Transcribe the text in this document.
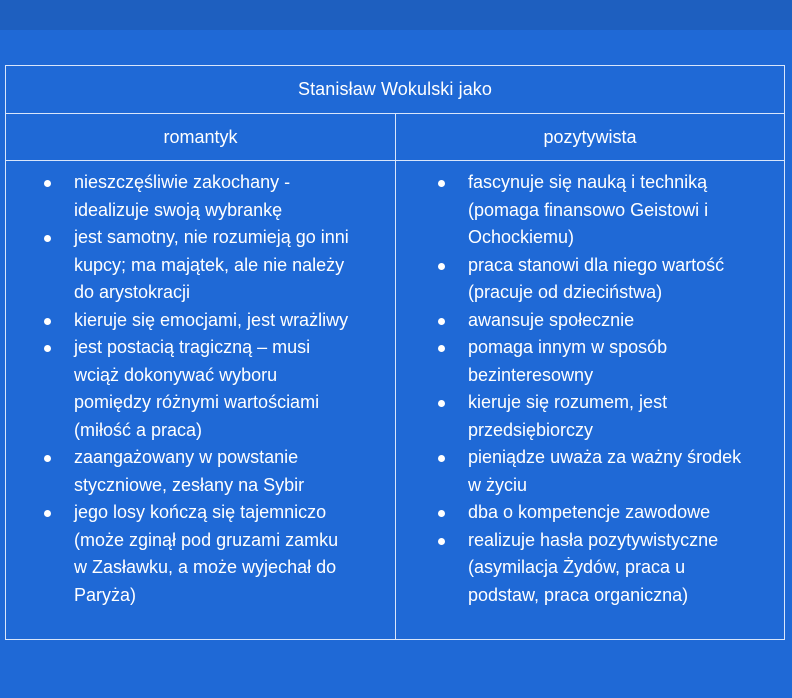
Stanisław Wokulski jako
romantyk	pozytywista
nieszczęśliwie zakochany -
idealizuje swoją wybrankę
jest samotny, nie rozumieją go inni
kupcy; ma majątek, ale nie należy
do arystokracji
kieruje się emocjami, jest wrażliwy
jest postacią tragiczną – musi
wciąż dokonywać wyboru
pomiędzy różnymi wartościami
(miłość a praca)
zaangażowany w powstanie
styczniowe, zesłany na Sybir
jego losy kończą się tajemniczo
(może zginął pod gruzami zamku
w Zasławku, a może wyjechał do
Paryża)
fascynuje się nauką i techniką
(pomaga finansowo Geistowi i
Ochockiemu)
praca stanowi dla niego wartość
(pracuje od dzieciństwa)
awansuje społecznie
pomaga innym w sposób
bezinteresowny
kieruje się rozumem, jest
przedsiębiorczy
pieniądze uważa za ważny środek
w życiu
dba o kompetencje zawodowe
realizuje hasła pozytywistyczne
(asymilacja Żydów, praca u
podstaw, praca organiczna)
